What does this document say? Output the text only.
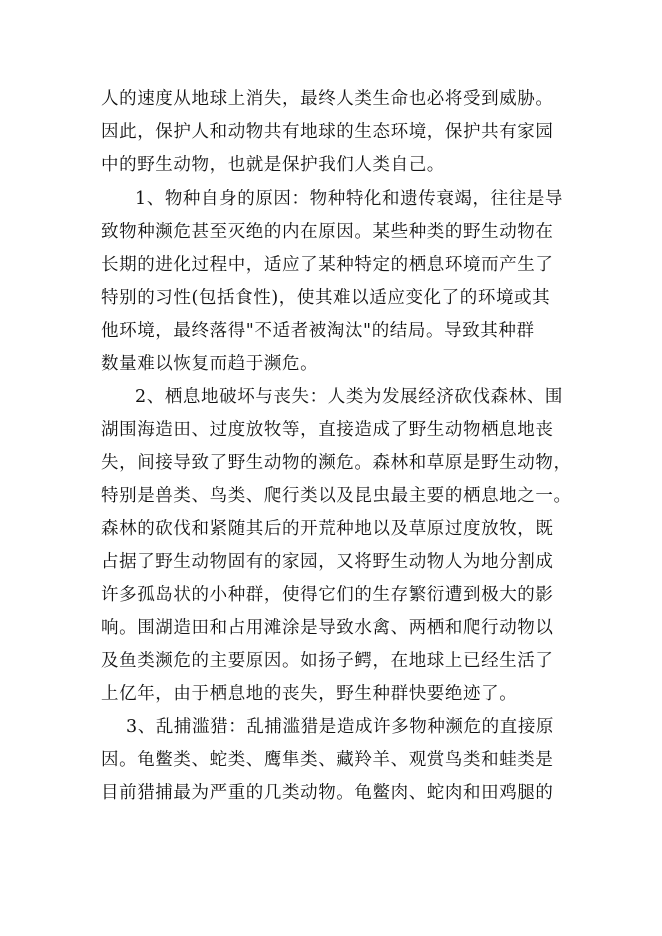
人的速度从地球上消失，最终人类生命也必将受到威胁。
因此，保护人和动物共有地球的生态环境，保护共有家园
中的野生动物，也就是保护我们人类自己。
1、物种自身的原因：物种特化和遗传衰竭，往往是导
致物种濒危甚至灭绝的内在原因。某些种类的野生动物在
长期的进化过程中，适应了某种特定的栖息环境而产生了
特别的习性(包括食性)，使其难以适应变化了的环境或其
他环境，最终落得"不适者被淘汰"的结局。导致其种群
数量难以恢复而趋于濒危。
2、栖息地破坏与丧失：人类为发展经济砍伐森林、围
湖围海造田、过度放牧等，直接造成了野生动物栖息地丧
失，间接导致了野生动物的濒危。森林和草原是野生动物，
特别是兽类、鸟类、爬行类以及昆虫最主要的栖息地之一。
森林的砍伐和紧随其后的开荒种地以及草原过度放牧，既
占据了野生动物固有的家园，又将野生动物人为地分割成
许多孤岛状的小种群，使得它们的生存繁衍遭到极大的影
响。围湖造田和占用滩涂是导致水禽、两栖和爬行动物以
及鱼类濒危的主要原因。如扬子鳄，在地球上已经生活了
上亿年，由于栖息地的丧失，野生种群快要绝迹了。
3、乱捕滥猎：乱捕滥猎是造成许多物种濒危的直接原
因。龟鳖类、蛇类、鹰隼类、藏羚羊、观赏鸟类和蛙类是
目前猎捕最为严重的几类动物。龟鳖肉、蛇肉和田鸡腿的
